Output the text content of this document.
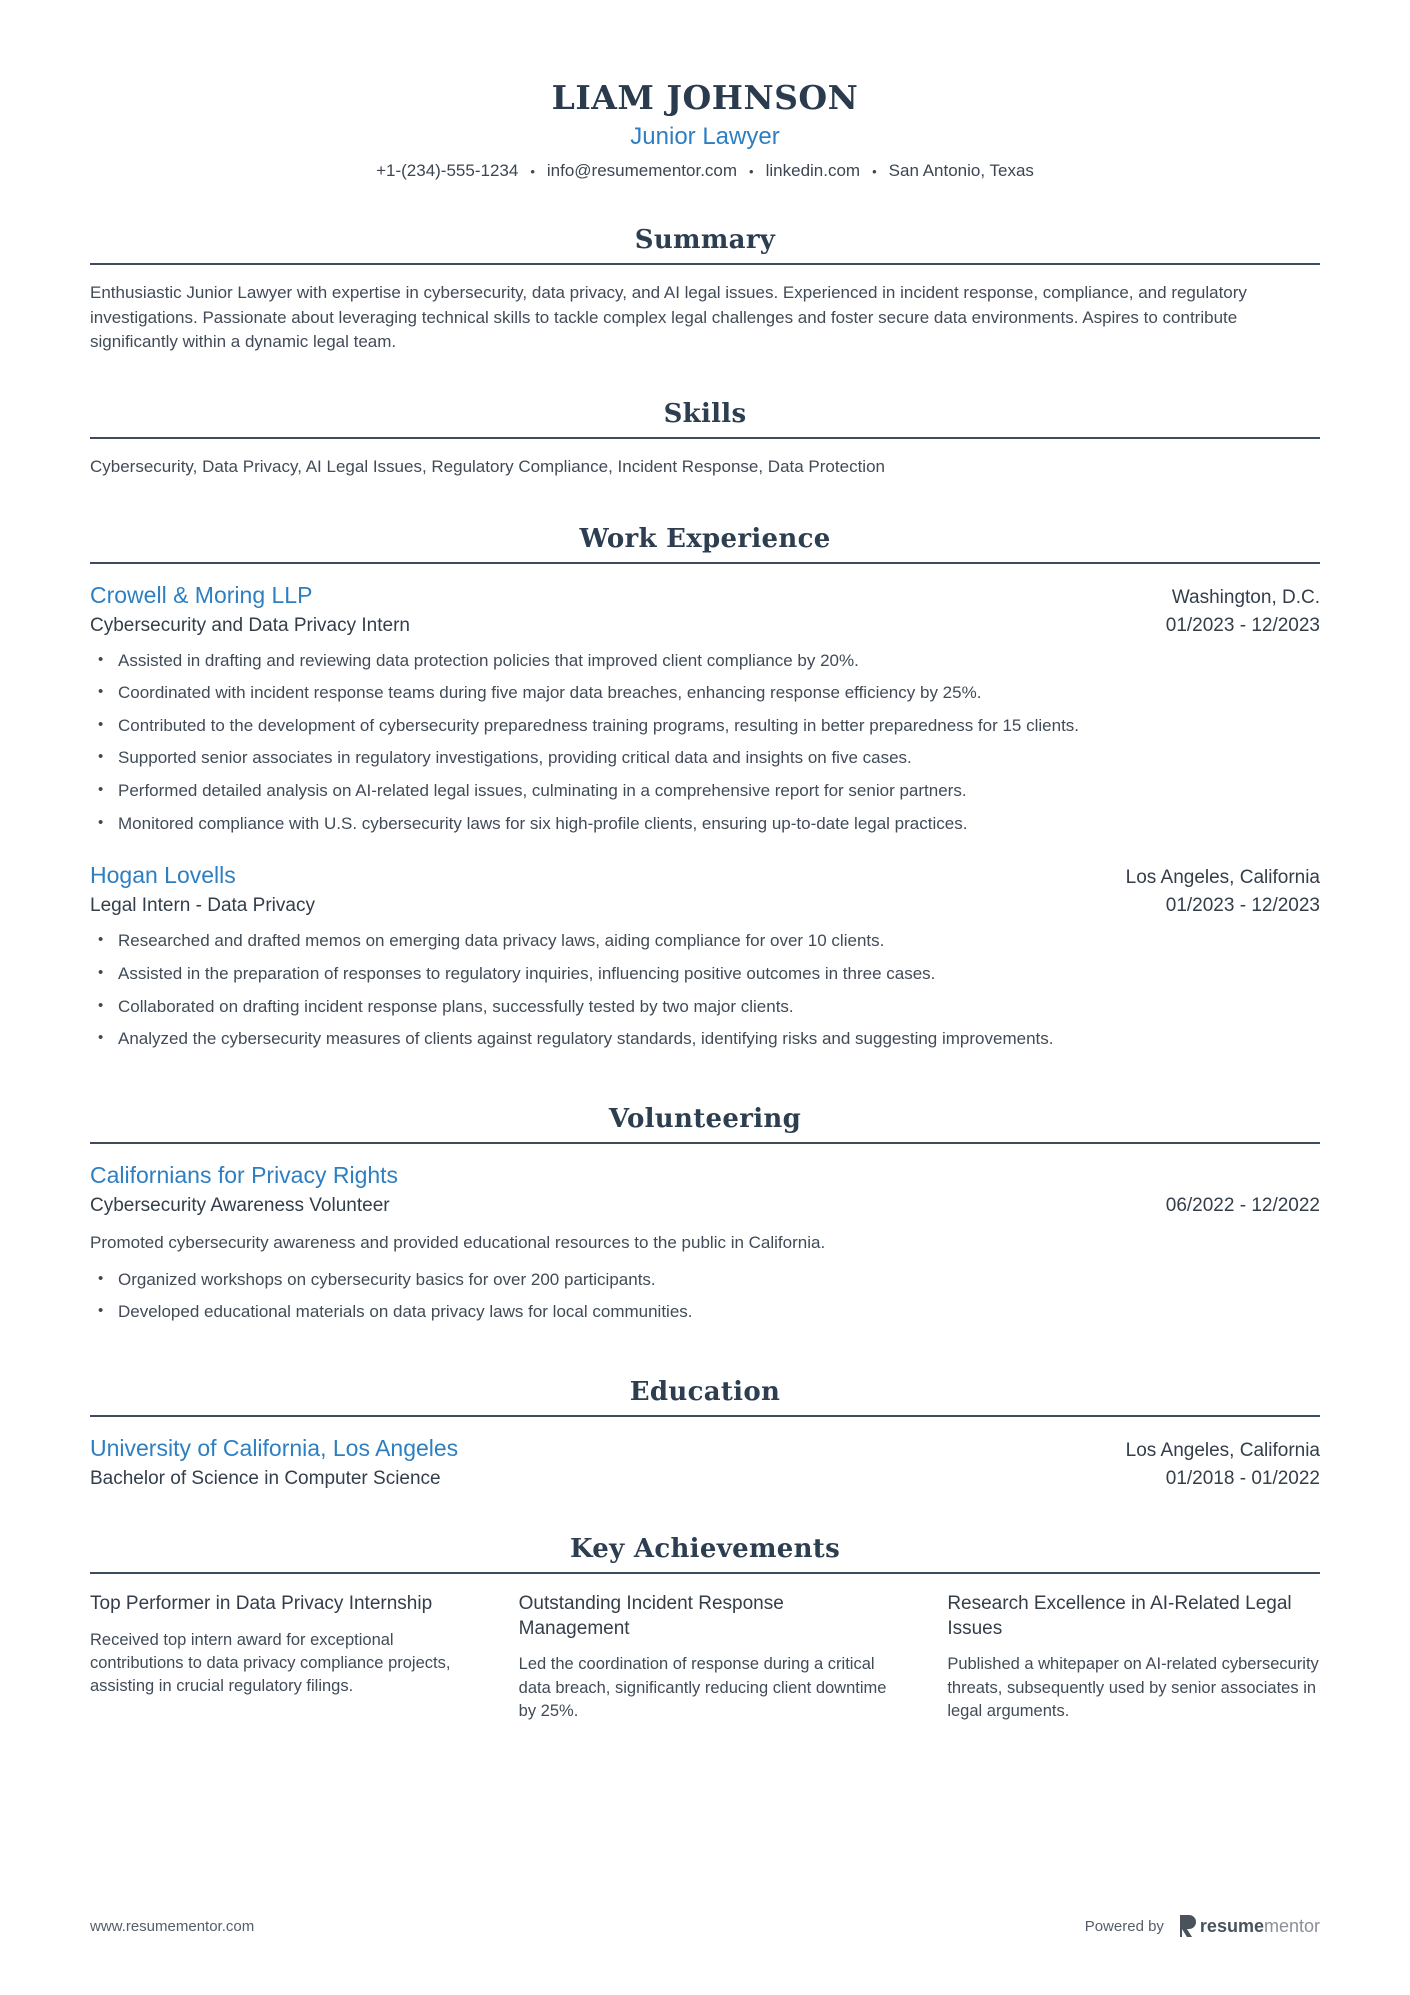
LIAM JOHNSON
Junior Lawyer
+1-(234)-555-1234 • info@resumementor.com • linkedin.com • San Antonio, Texas
Summary

Enthusiastic Junior Lawyer with expertise in cybersecurity, data privacy, and AI legal issues. Experienced in incident response, compliance, and regulatory investigations. Passionate about leveraging technical skills to tackle complex legal challenges and foster secure data environments. Aspires to contribute significantly within a dynamic legal team.

Skills

Cybersecurity, Data Privacy, AI Legal Issues, Regulatory Compliance, Incident Response, Data Protection

Work Experience
Crowell & Moring LLP	Washington, D.C.
Cybersecurity and Data Privacy Intern	01/2023 - 12/2023
• Assisted in drafting and reviewing data protection policies that improved client compliance by 20%.
• Coordinated with incident response teams during five major data breaches, enhancing response efficiency by 25%.
• Contributed to the development of cybersecurity preparedness training programs, resulting in better preparedness for 15 clients.
• Supported senior associates in regulatory investigations, providing critical data and insights on five cases.
• Performed detailed analysis on AI-related legal issues, culminating in a comprehensive report for senior partners.
• Monitored compliance with U.S. cybersecurity laws for six high-profile clients, ensuring up-to-date legal practices.
Hogan Lovells	Los Angeles, California
Legal Intern - Data Privacy	01/2023 - 12/2023
• Researched and drafted memos on emerging data privacy laws, aiding compliance for over 10 clients.
• Assisted in the preparation of responses to regulatory inquiries, influencing positive outcomes in three cases.
• Collaborated on drafting incident response plans, successfully tested by two major clients.
• Analyzed the cybersecurity measures of clients against regulatory standards, identifying risks and suggesting improvements.
Volunteering
Californians for Privacy Rights
Cybersecurity Awareness Volunteer	06/2022 - 12/2022

Promoted cybersecurity awareness and provided educational resources to the public in California.

• Organized workshops on cybersecurity basics for over 200 participants.
• Developed educational materials on data privacy laws for local communities.
Education
University of California, Los Angeles	Los Angeles, California
Bachelor of Science in Computer Science	01/2018 - 01/2022
Key Achievements
Top Performer in Data Privacy Internship

Received top intern award for exceptional contributions to data privacy compliance projects, assisting in crucial regulatory filings.

Outstanding Incident Response Management

Led the coordination of response during a critical data breach, significantly reducing client downtime by 25%.

Research Excellence in AI-Related Legal Issues

Published a whitepaper on AI-related cybersecurity threats, subsequently used by senior associates in legal arguments.

www.resumementor.com	Powered by resumementor
